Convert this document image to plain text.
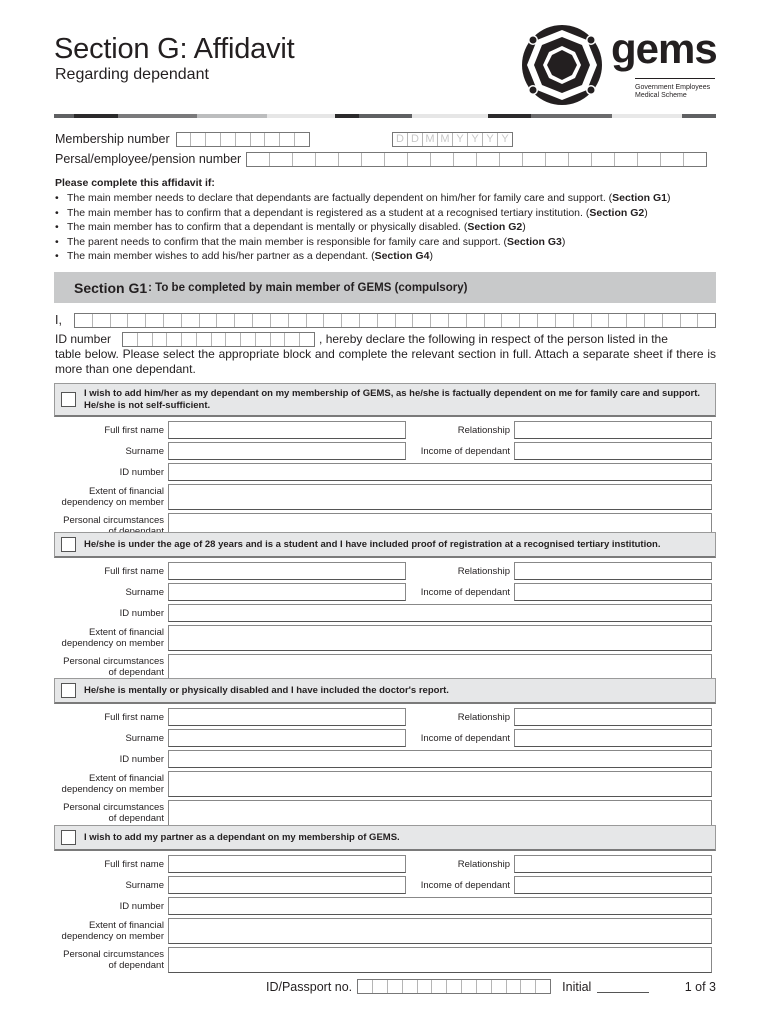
Section G: Affidavit
Regarding dependant
gems
Government Employees
Medical Scheme
Membership number	D D M M Y Y Y Y
Persal/employee/pension number
Please complete this affidavit if:
• The main member needs to declare that dependants are factually dependent on him/her for family care and support. (Section G1)
• The main member has to confirm that a dependant is registered as a student at a recognised tertiary institution. (Section G2)
• The main member has to confirm that a dependant is mentally or physically disabled. (Section G2)
• The parent needs to confirm that the main member is responsible for family care and support. (Section G3)
• The main member wishes to add his/her partner as a dependant. (Section G4)
Section G1 : To be completed by main member of GEMS (compulsory)
I,
ID number	, hereby declare the following in respect of the person listed in the
table below. Please select the appropriate block and complete the relevant section in full. Attach a separate sheet if there is more than one dependant.
I wish to add him/her as my dependant on my membership of GEMS, as he/she is factually dependent on me for family care and support. He/she is not self-sufficient.
Full first name	Relationship
Surname	Income of dependant
ID number
Extent of financial
dependency on member
Personal circumstances
He/she is under the age of 28 years and is a student and I have included proof of registration at a recognised tertiary institution.
Full first name	Relationship
Surname	Income of dependant
ID number
Extent of financial
dependency on member
Personal circumstances
of dependant
He/she is mentally or physically disabled and I have included the doctor's report.
Full first name	Relationship
Surname	Income of dependant
ID number
Extent of financial
dependency on member
Personal circumstances
of dependant
I wish to add my partner as a dependant on my membership of GEMS.
Full first name	Relationship
Surname	Income of dependant
ID number
Extent of financial
dependency on member
Personal circumstances
of dependant
ID/Passport no.	Initial	1 of 3
